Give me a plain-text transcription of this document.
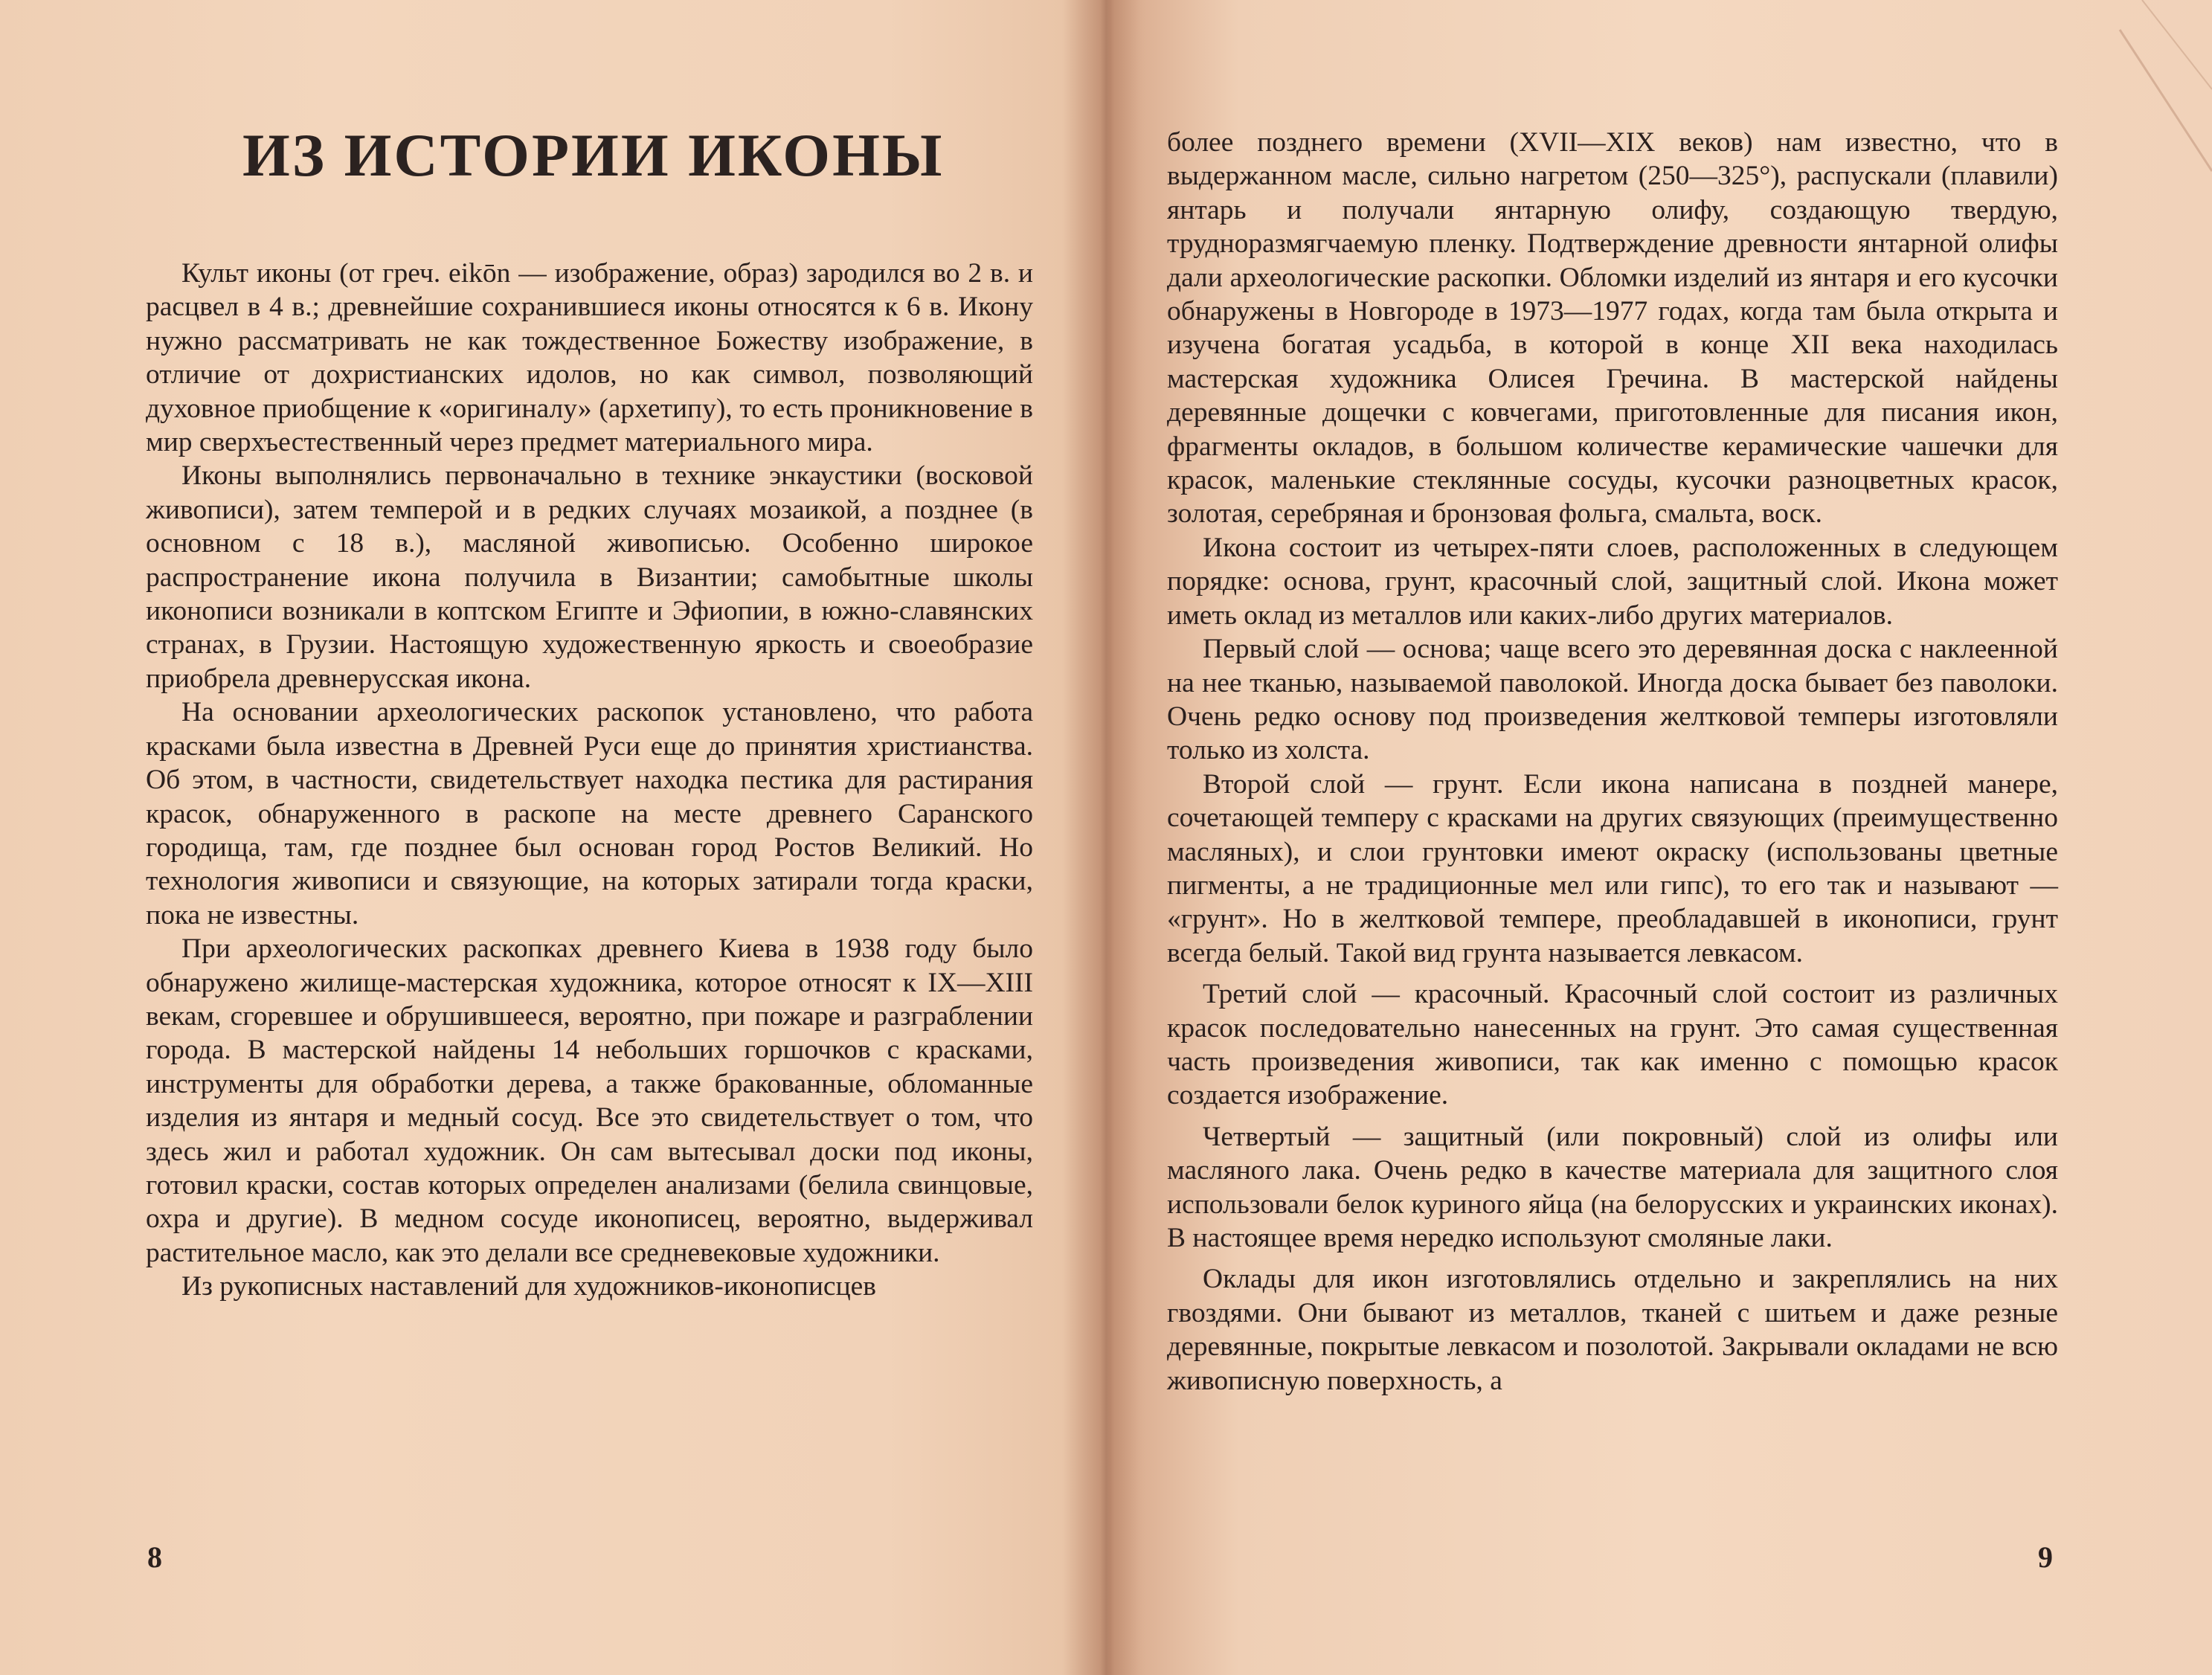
ИЗ ИСТОРИИ ИКОНЫ

Культ иконы (от греч. eikōn — изображение, образ) зародился во 2 в. и расцвел в 4 в.; древнейшие сохранившиеся иконы относятся к 6 в. Икону нужно рассматривать не как тождественное Божеству изображение, в отличие от дохристианских идолов, но как символ, позволяющий духовное приобщение к «оригиналу» (архетипу), то есть проникновение в мир сверхъестественный через предмет материального мира.

Иконы выполнялись первоначально в технике энкаустики (восковой живописи), затем темперой и в редких случаях мозаикой, а позднее (в основном с 18 в.), масляной живописью. Особенно широкое распространение икона получила в Византии; самобытные школы иконописи возникали в коптском Египте и Эфиопии, в южно-славянских странах, в Грузии. Настоящую художественную яркость и своеобразие приобрела древнерусская икона.

На основании археологических раскопок установлено, что работа красками была известна в Древней Руси еще до принятия христианства. Об этом, в частности, свидетельствует находка пестика для растирания красок, обнаруженного в раскопе на месте древнего Саранского городища, там, где позднее был основан город Ростов Великий. Но технология живописи и связующие, на которых затирали тогда краски, пока не известны.

При археологических раскопках древнего Киева в 1938 году было обнаружено жилище-мастерская художника, которое относят к IX—XIII векам, сгоревшее и обрушившееся, вероятно, при пожаре и разграблении города. В мастерской найдены 14 небольших горшочков с красками, инструменты для обработки дерева, а также бракованные, обломанные изделия из янтаря и медный сосуд. Все это свидетельствует о том, что здесь жил и работал художник. Он сам вытесывал доски под иконы, готовил краски, состав которых определен анализами (белила свинцовые, охра и другие). В медном сосуде иконописец, вероятно, выдерживал растительное масло, как это делали все средневековые художники.

Из рукописных наставлений для художников-иконописцев

8

более позднего времени (XVII—XIX веков) нам известно, что в выдержанном масле, сильно нагретом (250—325°), распускали (плавили) янтарь и получали янтарную олифу, создающую твердую, трудноразмягчаемую пленку. Подтверждение древности янтарной олифы дали археологические раскопки. Обломки изделий из янтаря и его кусочки обнаружены в Новгороде в 1973—1977 годах, когда там была открыта и изучена богатая усадьба, в которой в конце XII века находилась мастерская художника Олисея Гречина. В мастерской найдены деревянные дощечки с ковчегами, приготовленные для писания икон, фрагменты окладов, в большом количестве керамические чашечки для красок, маленькие стеклянные сосуды, кусочки разноцветных красок, золотая, серебряная и бронзовая фольга, смальта, воск.

Икона состоит из четырех-пяти слоев, расположенных в следующем порядке: основа, грунт, красочный слой, защитный слой. Икона может иметь оклад из металлов или каких-либо других материалов.

Первый слой — основа; чаще всего это деревянная доска с наклеенной на нее тканью, называемой паволокой. Иногда доска бывает без паволоки. Очень редко основу под произведения желтковой темперы изготовляли только из холста.

Второй слой — грунт. Если икона написана в поздней манере, сочетающей темперу с красками на других связующих (преимущественно масляных), и слои грунтовки имеют окраску (использованы цветные пигменты, а не традиционные мел или гипс), то его так и называют — «грунт». Но в желтковой темпере, преобладавшей в иконописи, грунт всегда белый. Такой вид грунта называется левкасом.

Третий слой — красочный. Красочный слой состоит из различных красок последовательно нанесенных на грунт. Это самая существенная часть произведения живописи, так как именно с помощью красок создается изображение.

Четвертый — защитный (или покровный) слой из олифы или масляного лака. Очень редко в качестве материала для защитного слоя использовали белок куриного яйца (на белорусских и украинских иконах). В настоящее время нередко используют смоляные лаки.

Оклады для икон изготовлялись отдельно и закреплялись на них гвоздями. Они бывают из металлов, тканей с шитьем и даже резные деревянные, покрытые левкасом и позолотой. Закрывали окладами не всю живописную поверхность, а

9
